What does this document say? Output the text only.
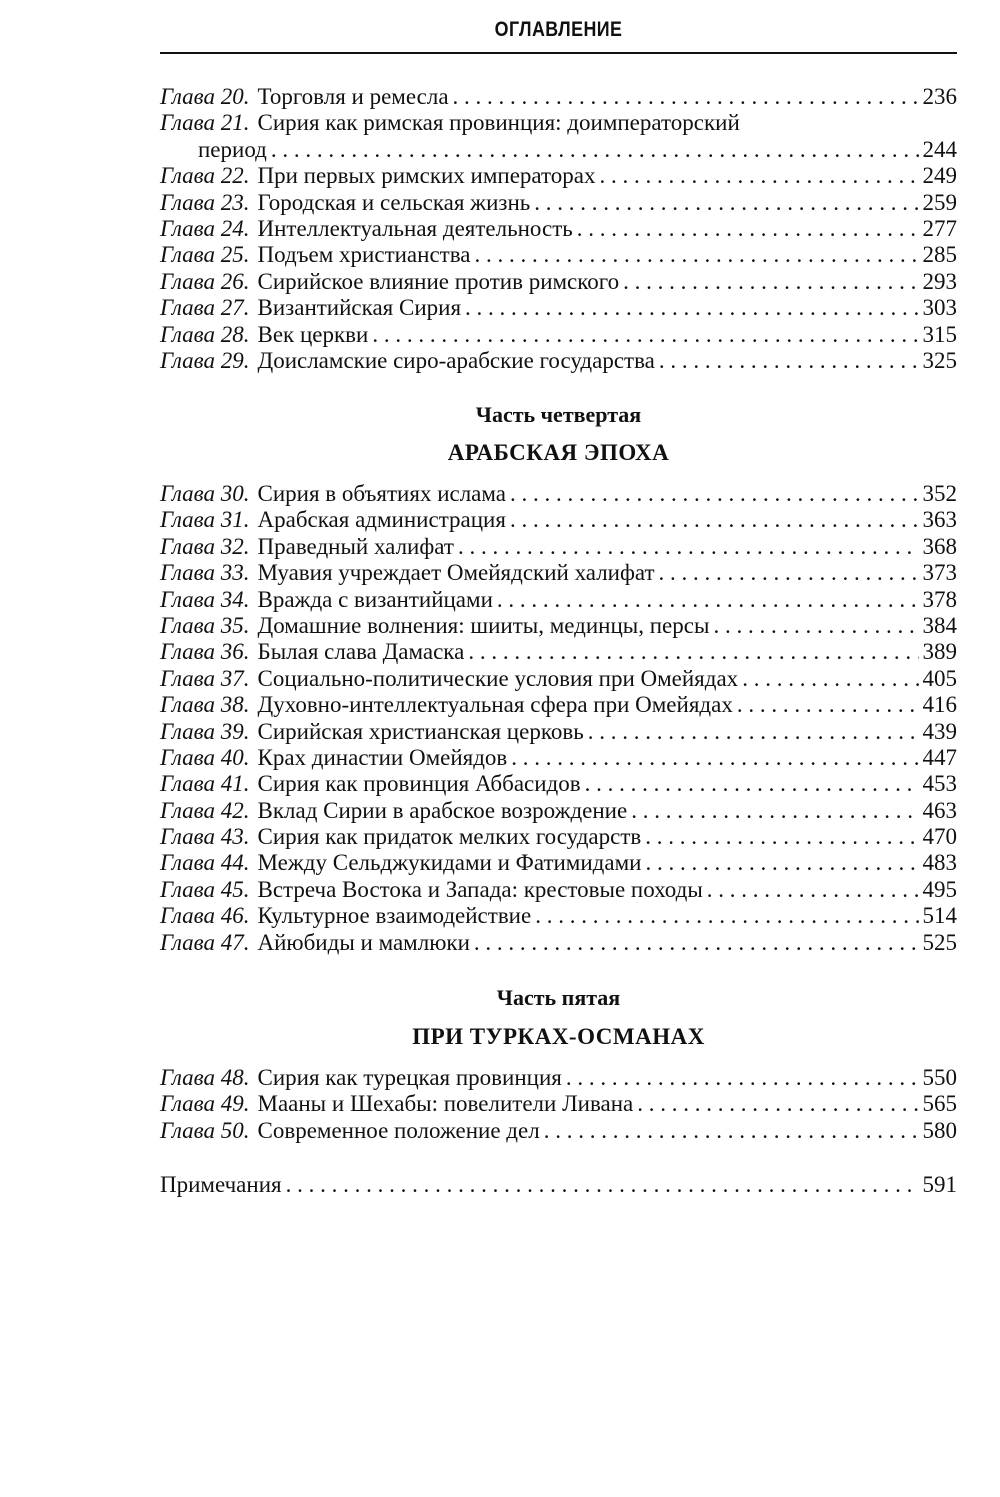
ОГЛАВЛЕНИЕ
Глава 20. Торговля и ремесла . . .	236
Глава 21. Сирия как римская провинция: доимператорский
период . . .	244
Глава 22. При первых римских императорах . . .	249
Глава 23. Городская и сельская жизнь . . .	259
Глава 24. Интеллектуальная деятельность . . .	277
Глава 25. Подъем христианства . . .	285
Глава 26. Сирийское влияние против римского . . .	293
Глава 27. Византийская Сирия . . .	303
Глава 28. Век церкви . . .	315
Глава 29. Доисламские сиро-арабские государства . . .	325
Часть четвертая
АРАБСКАЯ ЭПОХА
Глава 30. Сирия в объятиях ислама . . .	352
Глава 31. Арабская администрация . . .	363
Глава 32. Праведный халифат . . .	368
Глава 33. Муавия учреждает Омейядский халифат . . .	373
Глава 34. Вражда с византийцами . . .	378
Глава 35. Домашние волнения: шииты, мединцы, персы . . .	384
Глава 36. Былая слава Дамаска . . .	389
Глава 37. Социально-политические условия при Омейядах . . .	405
Глава 38. Духовно-интеллектуальная сфера при Омейядах . . .	416
Глава 39. Сирийская христианская церковь . . .	439
Глава 40. Крах династии Омейядов . . .	447
Глава 41. Сирия как провинция Аббасидов . . .	453
Глава 42. Вклад Сирии в арабское возрождение . . .	463
Глава 43. Сирия как придаток мелких государств . . .	470
Глава 44. Между Сельджукидами и Фатимидами . . .	483
Глава 45. Встреча Востока и Запада: крестовые походы . . .	495
Глава 46. Культурное взаимодействие . . .	514
Глава 47. Айюбиды и мамлюки . . .	525
Часть пятая
ПРИ ТУРКАХ-ОСМАНАХ
Глава 48. Сирия как турецкая провинция . . .	550
Глава 49. Мааны и Шехабы: повелители Ливана . . .	565
Глава 50. Современное положение дел . . .	580
Примечания . . .	591
